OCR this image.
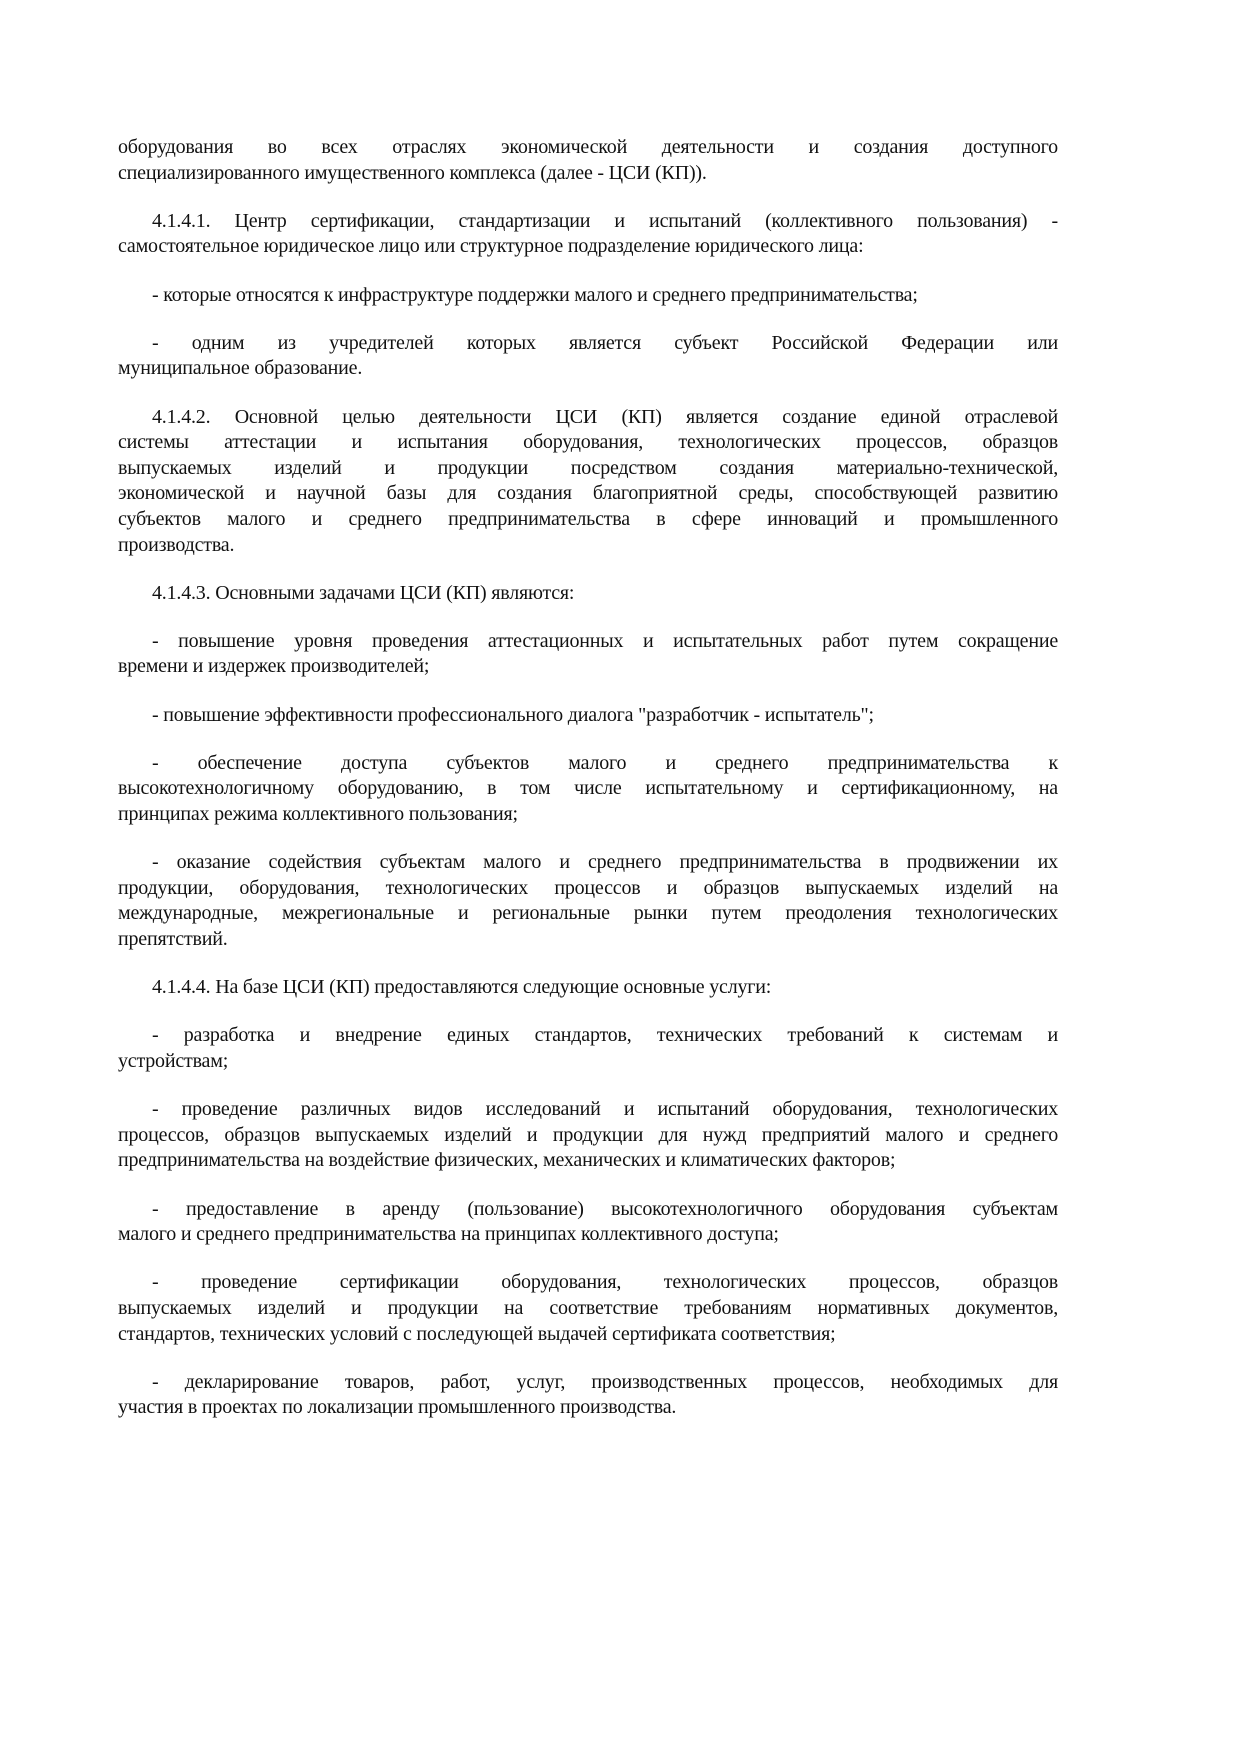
оборудования во всех отраслях экономической деятельности и создания доступного
специализированного имущественного комплекса (далее - ЦСИ (КП)).
4.1.4.1. Центр сертификации, стандартизации и испытаний (коллективного пользования) -
самостоятельное юридическое лицо или структурное подразделение юридического лица:
- которые относятся к инфраструктуре поддержки малого и среднего предпринимательства;
- одним из учредителей которых является субъект Российской Федерации или
муниципальное образование.
4.1.4.2. Основной целью деятельности ЦСИ (КП) является создание единой отраслевой
системы аттестации и испытания оборудования, технологических процессов, образцов
выпускаемых изделий и продукции посредством создания материально-технической,
экономической и научной базы для создания благоприятной среды, способствующей развитию
субъектов малого и среднего предпринимательства в сфере инноваций и промышленного
производства.
4.1.4.3. Основными задачами ЦСИ (КП) являются:
- повышение уровня проведения аттестационных и испытательных работ путем сокращение
времени и издержек производителей;
- повышение эффективности профессионального диалога "разработчик - испытатель";
- обеспечение доступа субъектов малого и среднего предпринимательства к
высокотехнологичному оборудованию, в том числе испытательному и сертификационному, на
принципах режима коллективного пользования;
- оказание содействия субъектам малого и среднего предпринимательства в продвижении их
продукции, оборудования, технологических процессов и образцов выпускаемых изделий на
международные, межрегиональные и региональные рынки путем преодоления технологических
препятствий.
4.1.4.4. На базе ЦСИ (КП) предоставляются следующие основные услуги:
- разработка и внедрение единых стандартов, технических требований к системам и
устройствам;
- проведение различных видов исследований и испытаний оборудования, технологических
процессов, образцов выпускаемых изделий и продукции для нужд предприятий малого и среднего
предпринимательства на воздействие физических, механических и климатических факторов;
- предоставление в аренду (пользование) высокотехнологичного оборудования субъектам
малого и среднего предпринимательства на принципах коллективного доступа;
- проведение сертификации оборудования, технологических процессов, образцов
выпускаемых изделий и продукции на соответствие требованиям нормативных документов,
стандартов, технических условий с последующей выдачей сертификата соответствия;
- декларирование товаров, работ, услуг, производственных процессов, необходимых для
участия в проектах по локализации промышленного производства.
